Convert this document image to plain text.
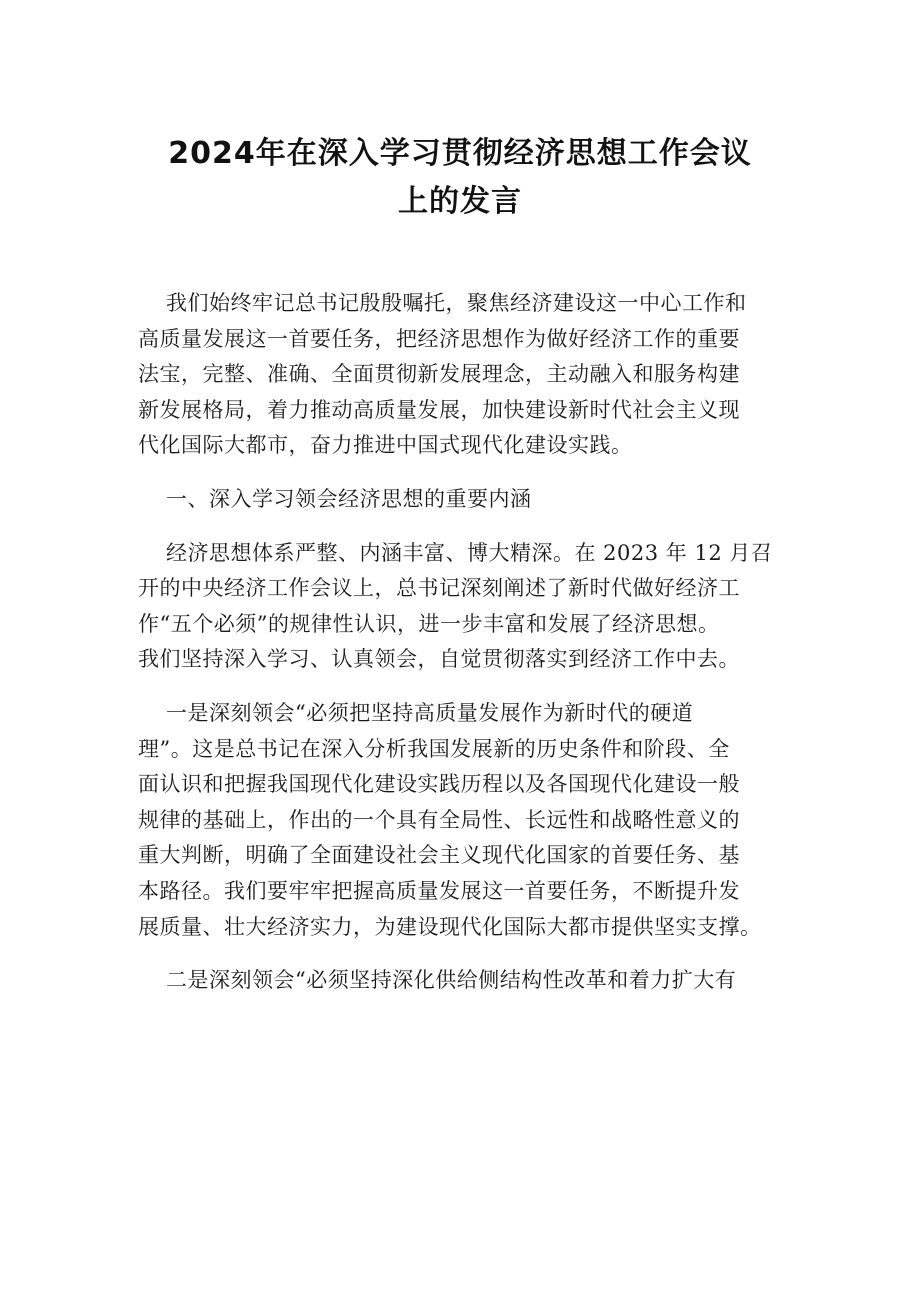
2024年在深入学习贯彻经济思想工作会议
上的发言

我们始终牢记总书记殷殷嘱托，聚焦经济建设这一中心工作和
高质量发展这一首要任务，把经济思想作为做好经济工作的重要
法宝，完整、准确、全面贯彻新发展理念，主动融入和服务构建
新发展格局，着力推动高质量发展，加快建设新时代社会主义现
代化国际大都市，奋力推进中国式现代化建设实践。

一、深入学习领会经济思想的重要内涵

经济思想体系严整、内涵丰富、博大精深。在 2023 年 12 月召
开的中央经济工作会议上，总书记深刻阐述了新时代做好经济工
作“五个必须”的规律性认识，进一步丰富和发展了经济思想。
我们坚持深入学习、认真领会，自觉贯彻落实到经济工作中去。

一是深刻领会“必须把坚持高质量发展作为新时代的硬道
理”。这是总书记在深入分析我国发展新的历史条件和阶段、全
面认识和把握我国现代化建设实践历程以及各国现代化建设一般
规律的基础上，作出的一个具有全局性、长远性和战略性意义的
重大判断，明确了全面建设社会主义现代化国家的首要任务、基
本路径。我们要牢牢把握高质量发展这一首要任务，不断提升发
展质量、壮大经济实力，为建设现代化国际大都市提供坚实支撑。

二是深刻领会“必须坚持深化供给侧结构性改革和着力扩大有
